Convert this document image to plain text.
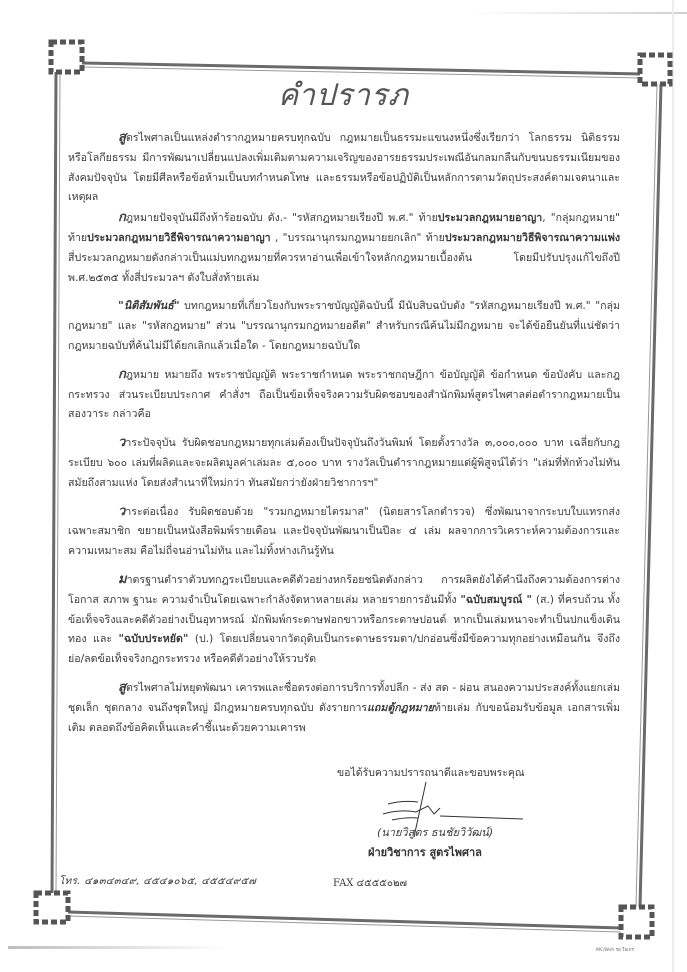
คำปรารภ

สูตรไพศาลเป็นแหล่งตำรากฎหมายครบทุกฉบับ กฎหมายเป็นธรรมะแขนงหนึ่งซึ่งเรียกว่า โลกธรรม นิติธรรม หรือโลกียธรรม มีการพัฒนาเปลี่ยนแปลงเพิ่มเติมตามความเจริญของอารยธรรมประเพณีอันกลมกลืนกับขนบธรรมเนียมของสังคมปัจจุบัน โดยมีศีลหรือข้อห้ามเป็นบทกำหนดโทษ และธรรมหรือข้อปฏิบัติเป็นหลักการตามวัตถุประสงค์ตามเจตนาและเหตุผล

กฎหมายปัจจุบันมีถึงห้าร้อยฉบับ ดัง.- "รหัสกฎหมายเรียงปี พ.ศ." ท้ายประมวลกฎหมายอาญา, "กลุ่มกฎหมาย" ท้ายประมวลกฎหมายวิธีพิจารณาความอาญา , "บรรณานุกรมกฎหมายยกเลิก" ท้ายประมวลกฎหมายวิธีพิจารณาความแพ่ง สี่ประมวลกฎหมายดังกล่าวเป็นแม่บทกฎหมายที่ควรหาอ่านเพื่อเข้าใจหลักกฎหมายเบื้องต้น โดยมีปรับปรุงแก้ไขถึงปี พ.ศ.๒๕๓๕ ทั้งสี่ประมวลฯ ดังใบสั่งท้ายเล่ม

"นิติสัมพันธ์" บทกฎหมายที่เกี่ยวโยงกับพระราชบัญญัติฉบับนี้ มีนับสิบฉบับดัง "รหัสกฎหมายเรียงปี พ.ศ." "กลุ่มกฎหมาย" และ "รหัสกฎหมาย" ส่วน "บรรณานุกรมกฎหมายอดีต" สำหรับกรณีค้นไม่มีกฎหมาย จะได้ข้อยืนยันที่แน่ชัดว่ากฎหมายฉบับที่ค้นไม่มีได้ยกเลิกแล้วเมื่อใด - โดยกฎหมายฉบับใด

กฎหมาย หมายถึง พระราชบัญญัติ พระราชกำหนด พระราชกฤษฎีกา ข้อบัญญัติ ข้อกำหนด ข้อบังคับ และกฎกระทรวง ส่วนระเบียบประกาศ คำสั่งฯ ถือเป็นข้อเท็จจริงความรับผิดชอบของสำนักพิมพ์สูตรไพศาลต่อตำรากฎหมายเป็นสองวาระ กล่าวคือ

วาระปัจจุบัน รับผิดชอบกฎหมายทุกเล่มต้องเป็นปัจจุบันถึงวันพิมพ์ โดยตั้งรางวัล ๓,๐๐๐,๐๐๐ บาท เฉลี่ยกับกฎระเบียบ ๖๐๐ เล่มที่ผลิตและจะผลิตมูลค่าเล่มละ ๕,๐๐๐ บาท รางวัลเป็นตำรากฎหมายแด่ผู้พิสูจน์ได้ว่า "เล่มที่ทักท้วงไม่ทันสมัยถึงสามแห่ง โดยส่งสำเนาที่ใหม่กว่า ทันสมัยกว่ายังฝ่ายวิชาการฯ"

วาระต่อเนื่อง รับผิดชอบด้วย "รวมกฎหมายไตรมาส" (นิตยสารโลกตำรวจ) ซึ่งพัฒนาจากระบบใบแทรกส่งเฉพาะสมาชิก ขยายเป็นหนังสือพิมพ์รายเดือน และปัจจุบันพัฒนาเป็นปีละ ๔ เล่ม ผลจากการวิเคราะห์ความต้องการและความเหมาะสม คือไม่ถี่จนอ่านไม่ทัน และไม่ทิ้งห่างเกินรู้ทัน

มาตรฐานตำราตัวบทกฎระเบียบและคดีตัวอย่างหกร้อยชนิดดังกล่าว การผลิตยังได้คำนึงถึงความต้องการต่างโอกาส สภาพ ฐานะ ความจำเป็นโดยเฉพาะกำลังจัดหาหลายเล่ม หลายรายการอันมีทั้ง "ฉบับสมบูรณ์ " (ส.) ที่ครบถ้วน ทั้งข้อเท็จจริงและคดีตัวอย่างเป็นอุทาหรณ์ มักพิมพ์กระดาษฟอกขาวหรือกระดาษปอนด์ หากเป็นเล่มหนาจะทำเป็นปกแข็งเดินทอง และ "ฉบับประหยัด" (ป.) โดยเปลี่ยนจากวัตถุดิบเป็นกระดาษธรรมดา/ปกอ่อนซึ่งมีข้อความทุกอย่างเหมือนกัน จึงถึงย่อ/ลดข้อเท็จจริงกฎกระทรวง หรือคดีตัวอย่างให้รวบรัด

สูตรไพศาลไม่หยุดพัฒนา เคารพและซื่อตรงต่อการบริการทั้งปลีก - ส่ง สด - ผ่อน สนองความประสงค์ทั้งแยกเล่ม ชุดเล็ก ชุดกลาง จนถึงชุดใหญ่ มีกฎหมายครบทุกฉบับ ดังรายการแถมตู้กฎหมายท้ายเล่ม กับขอน้อมรับข้อมูล เอกสารเพิ่มเติม ตลอดถึงข้อคิดเห็นและคำชี้แนะด้วยความเคารพ

ขอได้รับความปรารถนาดีและขอบพระคุณ
(นายวิสูตร ธนชัยวิวัฒน์)
ฝ่ายวิชาการ สูตรไพศาล
โทร. ๔๑๓๔๓๔๙, ๔๕๔๑๐๖๕, ๔๕๕๔๙๕๗	FAX ๔๕๕๕๐๒๗
MC/Wsh รอ ใบเกร
